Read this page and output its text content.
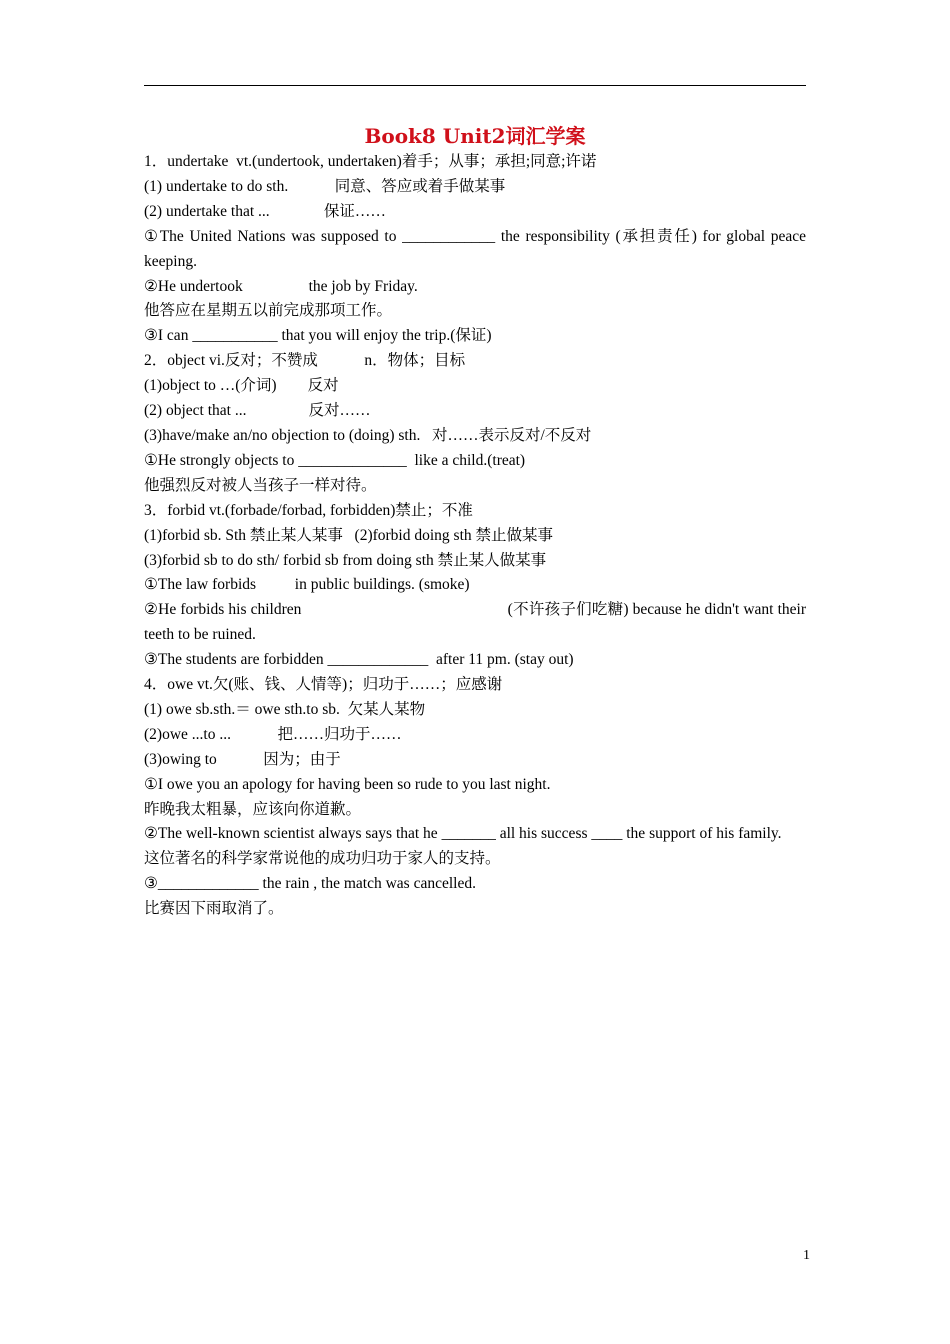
Book8 Unit2词汇学案
1．undertake  vt.(undertook, undertaken)着手；从事；承担;同意;许诺
(1) undertake to do sth.            同意、答应或着手做某事
(2) undertake that ...              保证……
①The United Nations was supposed to ____________ the responsibility (承担责任) for global peace keeping.
②He undertook                 the job by Friday.
他答应在星期五以前完成那项工作。
③I can ___________ that you will enjoy the trip.(保证)
2．object vi.反对；不赞成            n．物体；目标
(1)object to …(介词)        反对
(2) object that ...                反对……
(3)have/make an/no objection to (doing) sth.   对……表示反对/不反对
①He strongly objects to ______________  like a child.(treat)
他强烈反对被人当孩子一样对待。
3．forbid vt.(forbade/forbad, forbidden)禁止；不准
(1)forbid sb. Sth 禁止某人某事   (2)forbid doing sth 禁止做某事
(3)forbid sb to do sth/ forbid sb from doing sth 禁止某人做某事
①The law forbids          in public buildings. (smoke)
②He forbids his children                                                  (不许孩子们吃糖) because he didn't want their teeth to be ruined.
③The students are forbidden _____________  after 11 pm. (stay out)
4．owe vt.欠(账、钱、人情等)；归功于……；应感谢
(1) owe sb.sth.＝ owe sth.to sb.  欠某人某物
(2)owe ...to ...            把……归功于……
(3)owing to            因为；由于
①I owe you an apology for having been so rude to you last night.
昨晚我太粗暴，应该向你道歉。
②The well-known scientist always says that he _______ all his success ____ the support of his family.
这位著名的科学家常说他的成功归功于家人的支持。
③_____________ the rain , the match was cancelled.
比赛因下雨取消了。
1
